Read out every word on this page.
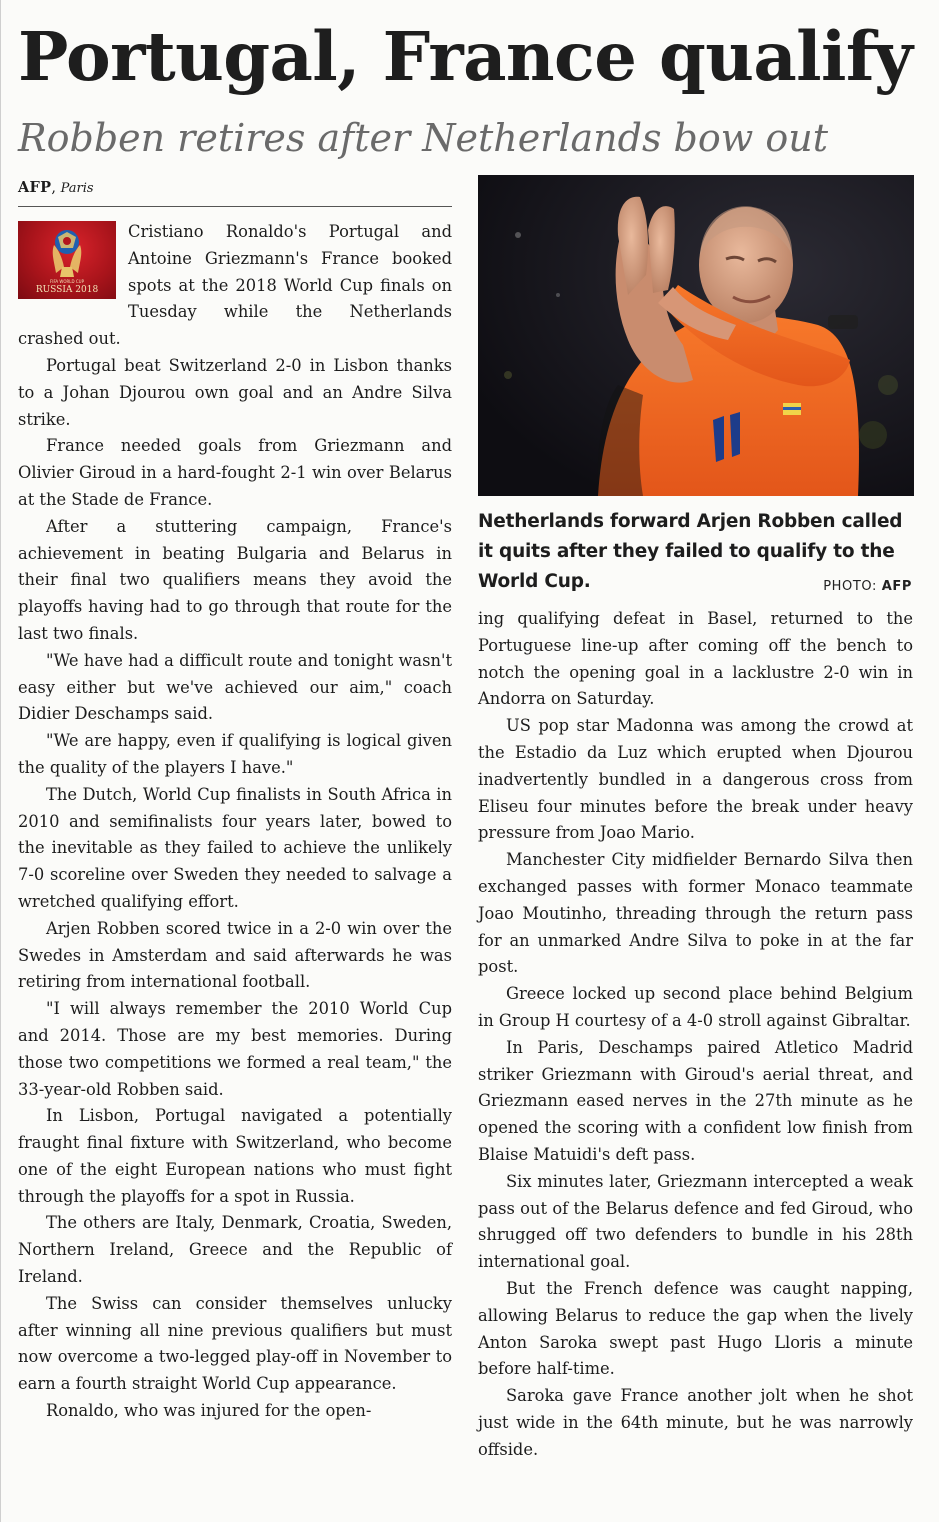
Portugal, France qualify
Robben retires after Netherlands bow out
AFP, Paris
FIFA WORLD CUP
RUSSIA 2018

Cristiano Ronaldo's Portugal and Antoine Griezmann's France booked spots at the 2018 World Cup finals on Tuesday while the Netherlands crashed out.

Portugal beat Switzerland 2-0 in Lisbon thanks to a Johan Djourou own goal and an Andre Silva strike.

France needed goals from Griezmann and Olivier Giroud in a hard-fought 2-1 win over Belarus at the Stade de France.

After a stuttering campaign, France's achievement in beating Bulgaria and Belarus in their final two qualifiers means they avoid the playoffs having had to go through that route for the last two finals.

"We have had a difficult route and tonight wasn't easy either but we've achieved our aim," coach Didier Deschamps said.

"We are happy, even if qualifying is logical given the quality of the players I have."

The Dutch, World Cup finalists in South Africa in 2010 and semifinalists four years later, bowed to the inevitable as they failed to achieve the unlikely 7-0 scoreline over Sweden they needed to salvage a wretched qualifying effort.

Arjen Robben scored twice in a 2-0 win over the Swedes in Amsterdam and said afterwards he was retiring from international football.

"I will always remember the 2010 World Cup and 2014. Those are my best memories. During those two competitions we formed a real team," the 33-year-old Robben said.

In Lisbon, Portugal navigated a potentially fraught final fixture with Switzerland, who become one of the eight European nations who must fight through the playoffs for a spot in Russia.

The others are Italy, Denmark, Croatia, Sweden, Northern Ireland, Greece and the Republic of Ireland.

The Swiss can consider themselves unlucky after winning all nine previous qualifiers but must now overcome a two-legged play-off in November to earn a fourth straight World Cup appearance.

Ronaldo, who was injured for the open-

Netherlands forward Arjen Robben called it quits after they failed to qualify to the World Cup.	PHOTO: AFP

ing qualifying defeat in Basel, returned to the Portuguese line-up after coming off the bench to notch the opening goal in a lacklustre 2-0 win in Andorra on Saturday.

US pop star Madonna was among the crowd at the Estadio da Luz which erupted when Djourou inadvertently bundled in a dangerous cross from Eliseu four minutes before the break under heavy pressure from Joao Mario.

Manchester City midfielder Bernardo Silva then exchanged passes with former Monaco teammate Joao Moutinho, threading through the return pass for an unmarked Andre Silva to poke in at the far post.

Greece locked up second place behind Belgium in Group H courtesy of a 4-0 stroll against Gibraltar.

In Paris, Deschamps paired Atletico Madrid striker Griezmann with Giroud's aerial threat, and Griezmann eased nerves in the 27th minute as he opened the scoring with a confident low finish from Blaise Matuidi's deft pass.

Six minutes later, Griezmann intercepted a weak pass out of the Belarus defence and fed Giroud, who shrugged off two defenders to bundle in his 28th international goal.

But the French defence was caught napping, allowing Belarus to reduce the gap when the lively Anton Saroka swept past Hugo Lloris a minute before half-time.

Saroka gave France another jolt when he shot just wide in the 64th minute, but he was narrowly offside.
